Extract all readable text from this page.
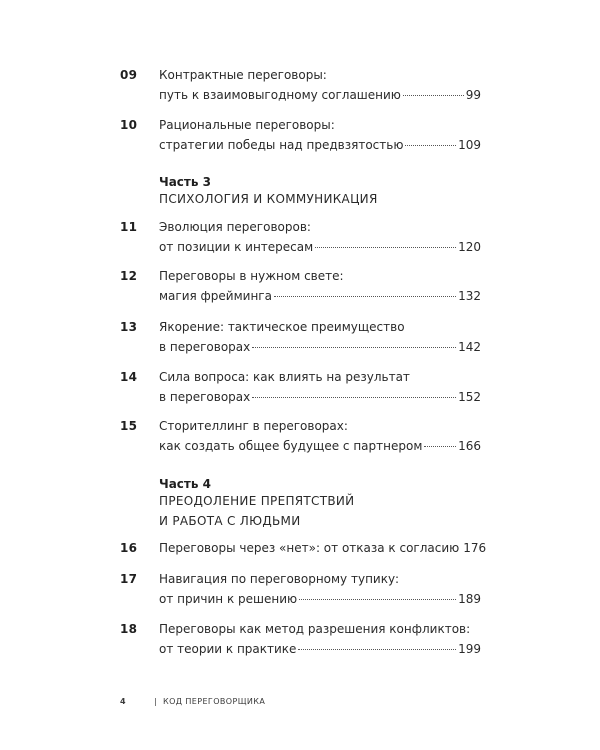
09 Контрактные переговоры:
путь к взаимовыгодному соглашению	99
10 Рациональные переговоры:
стратегии победы над предвзятостью	109
Часть 3
ПСИХОЛОГИЯ И КОММУНИКАЦИЯ
11 Эволюция переговоров:
от позиции к интересам	120
12 Переговоры в нужном свете:
магия фрейминга	132
13 Якорение: тактическое преимущество
в переговорах	142
14 Сила вопроса: как влиять на результат
в переговорах	152
15 Сторителлинг в переговорах:
как создать общее будущее с партнером	166
Часть 4
ПРЕОДОЛЕНИЕ ПРЕПЯТСТВИЙ
И РАБОТА С ЛЮДЬМИ
16 Переговоры через «нет»: от отказа к согласию 176
17 Навигация по переговорному тупику:
от причин к решению	189
18 Переговоры как метод разрешения конфликтов:
от теории к практике	199
4	| КОД ПЕРЕГОВОРЩИКА
